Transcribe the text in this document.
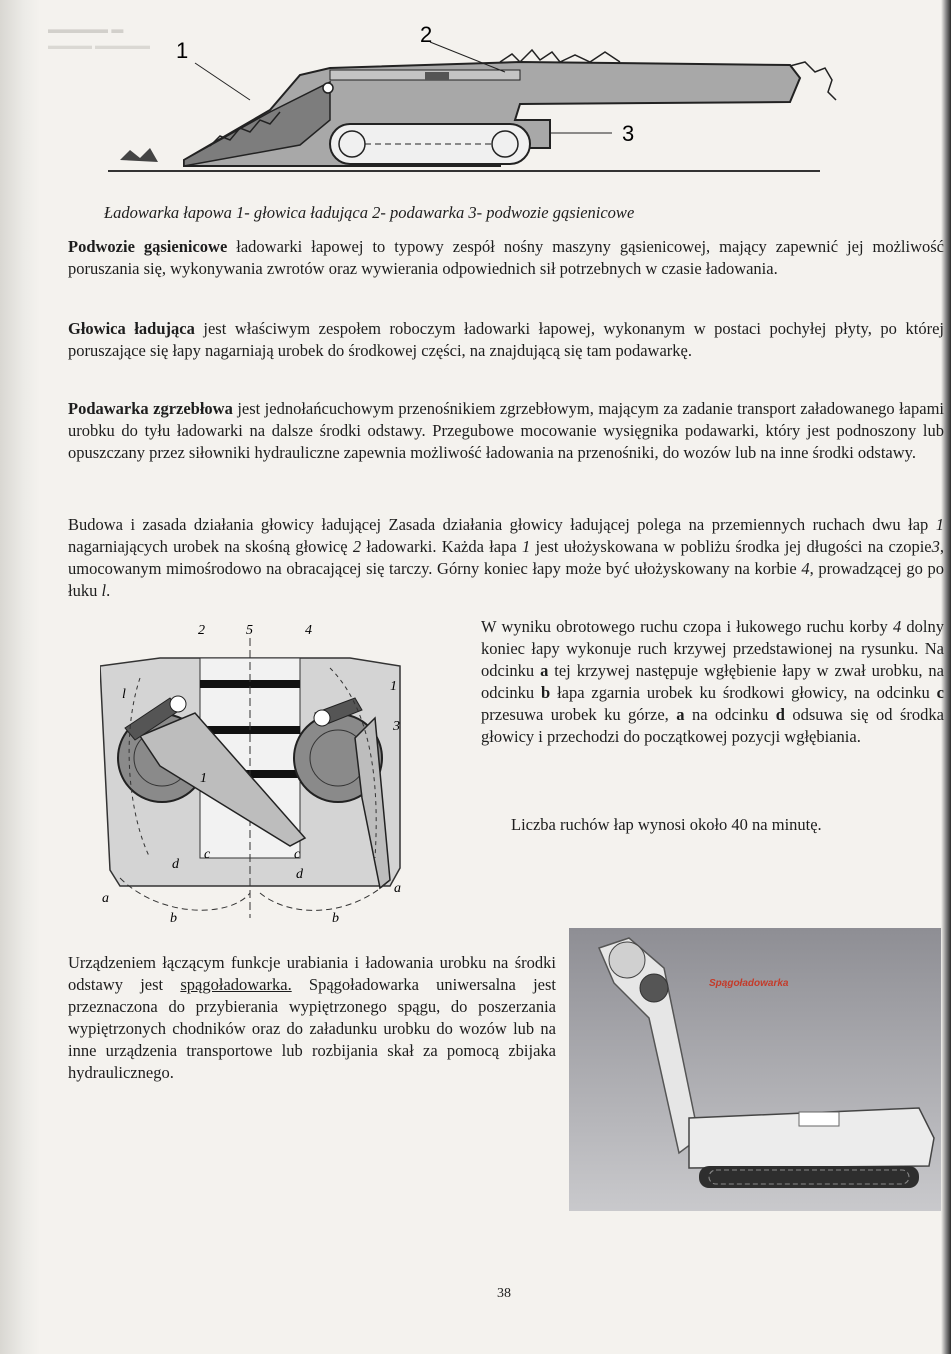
▬▬▬▬▬ ▬
▬▬▬▬ ▬▬▬▬▬ 1
2
3
Ładowarka łapowa 1- głowica ładująca 2- podawarka 3- podwozie gąsienicowe

Podwozie gąsienicowe ładowarki łapowej to typowy zespół nośny maszyny gąsienicowej, mający zapewnić jej możliwość poruszania się, wykonywania zwrotów oraz wywierania odpowiednich sił potrzebnych w czasie ładowania.

Głowica ładująca jest właściwym zespołem roboczym ładowarki łapowej, wykonanym w postaci pochyłej płyty, po której poruszające się łapy nagarniają urobek do środkowej części, na znajdującą się tam podawarkę.

Podawarka zgrzebłowa jest jednołańcuchowym przenośnikiem zgrzebłowym, mającym za zadanie transport załadowanego łapami urobku do tyłu ładowarki na dalsze środki odstawy. Przegubowe mocowanie wysięgnika podawarki, który jest podnoszony lub opuszczany przez siłowniki hydrauliczne zapewnia możliwość ładowania na przenośniki, do wozów lub na inne środki odstawy.

Budowa i zasada działania głowicy ładującej Zasada działania głowicy ładującej polega na przemiennych ruchach dwu łap 1 nagarniających urobek na skośną głowicę 2 ładowarki. Każda łapa 1 jest ułożyskowana w pobliżu środka jej długości na czopie3, umocowanym mimośrodowo na obracającej się tarczy. Górny koniec łapy może być ułożyskowany na korbie 4, prowadzącej go po łuku l.

2	5	4
1
3
1
l
a
a
b	b
c	c
d
d

W wyniku obrotowego ruchu czopa i łukowego ruchu korby 4 dolny koniec łapy wykonuje ruch krzywej przedstawionej na rysunku. Na odcinku a tej krzywej następuje wgłębienie łapy w zwał urobku, na odcinku b łapa zgarnia urobek ku środkowi głowicy, na odcinku c przesuwa urobek ku górze, a na odcinku d odsuwa się od środka głowicy i przechodzi do początkowej pozycji wgłębiania.

Liczba ruchów łap wynosi około 40 na minutę.

Urządzeniem łączącym funkcje urabiania i ładowania urobku na środki odstawy jest spągoładowarka. Spągoładowarka uniwersalna jest przeznaczona do przybierania wypiętrzonego spągu, do poszerzania wypiętrzonych chodników oraz do załadunku urobku do wozów lub na inne urządzenia transportowe lub rozbijania skał za pomocą zbijaka hydraulicznego.

Spągoładowarka
38
